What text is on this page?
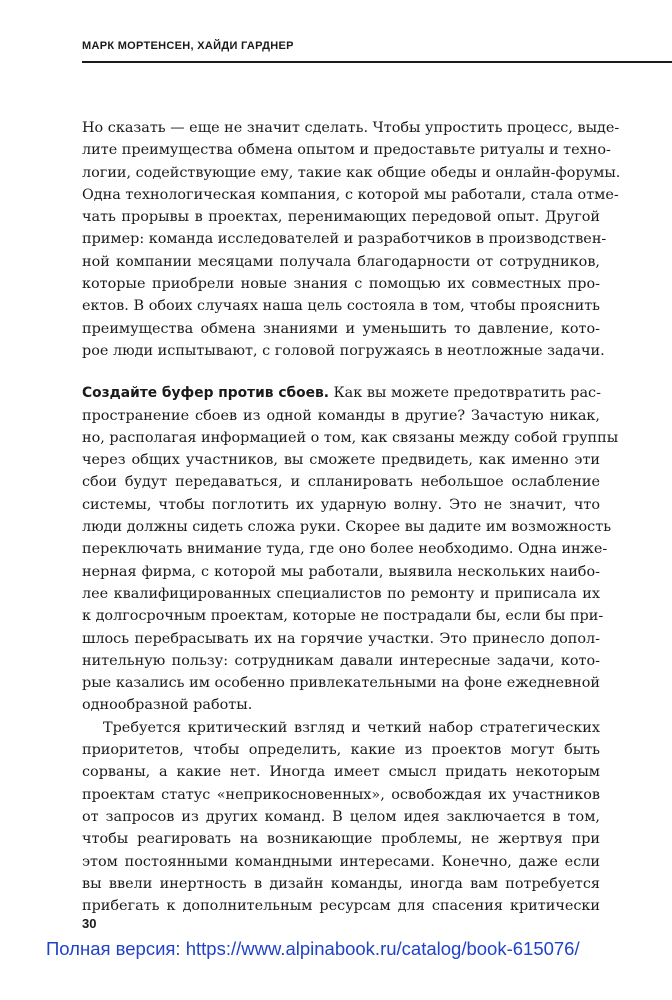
МАРК МОРТЕНСЕН, ХАЙДИ ГАРДНЕР
Но сказать — еще не значит сделать. Чтобы упростить процесс, выде-
лите преимущества обмена опытом и предоставьте ритуалы и техно-
логии, содействующие ему, такие как общие обеды и онлайн-форумы.
Одна технологическая компания, с которой мы работали, стала отме-
чать прорывы в проектах, перенимающих передовой опыт. Другой
пример: команда исследователей и разработчиков в производствен-
ной компании месяцами получала благодарности от сотрудников,
которые приобрели новые знания с помощью их совместных про-
ектов. В обоих случаях наша цель состояла в том, чтобы прояснить
преимущества обмена знаниями и уменьшить то давление, кото-
рое люди испытывают, с головой погружаясь в неотложные задачи.
Создайте буфер против сбоев. Как вы можете предотвратить рас-
пространение сбоев из одной команды в другие? Зачастую никак,
но, располагая информацией о том, как связаны между собой группы
через общих участников, вы сможете предвидеть, как именно эти
сбои будут передаваться, и спланировать небольшое ослабление
системы, чтобы поглотить их ударную волну. Это не значит, что
люди должны сидеть сложа руки. Скорее вы дадите им возможность
переключать внимание туда, где оно более необходимо. Одна инже-
нерная фирма, с которой мы работали, выявила нескольких наибо-
лее квалифицированных специалистов по ремонту и приписала их
к долгосрочным проектам, которые не пострадали бы, если бы при-
шлось перебрасывать их на горячие участки. Это принесло допол-
нительную пользу: сотрудникам давали интересные задачи, кото-
рые казались им особенно привлекательными на фоне ежедневной
однообразной работы.
Требуется критический взгляд и четкий набор стратегических
приоритетов, чтобы определить, какие из проектов могут быть
сорваны, а какие нет. Иногда имеет смысл придать некоторым
проектам статус «неприкосновенных», освобождая их участников
от запросов из других команд. В целом идея заключается в том,
чтобы реагировать на возникающие проблемы, не жертвуя при
этом постоянными командными интересами. Конечно, даже если
вы ввели инертность в дизайн команды, иногда вам потребуется
прибегать к дополнительным ресурсам для спасения критически
30
Полная версия: https://www.alpinabook.ru/catalog/book-615076/
